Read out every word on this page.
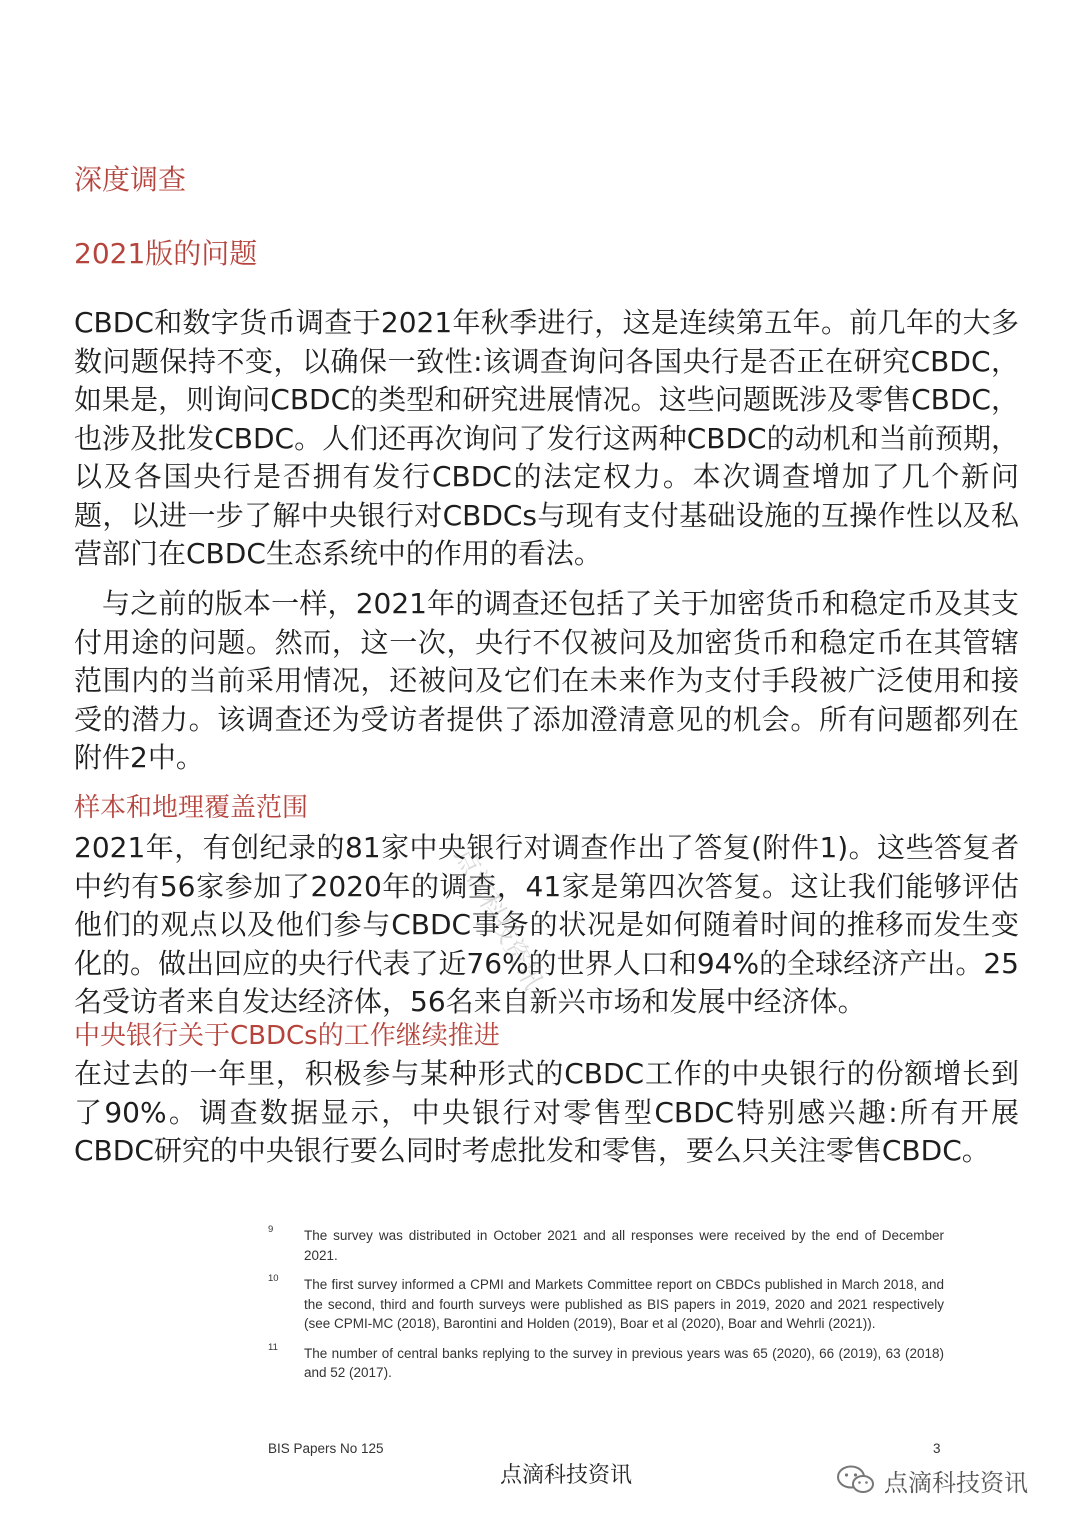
深度调查
2021版的问题

CBDC和数字货币调查于2021年秋季进行，这是连续第五年。前几年的大多数问题保持不变，以确保一致性:该调查询问各国央行是否正在研究CBDC，如果是，则询问CBDC的类型和研究进展情况。这些问题既涉及零售CBDC，也涉及批发CBDC。人们还再次询问了发行这两种CBDC的动机和当前预期，以及各国央行是否拥有发行CBDC的法定权力。本次调查增加了几个新问题，以进一步了解中央银行对CBDCs与现有支付基础设施的互操作性以及私营部门在CBDC生态系统中的作用的看法。

与之前的版本一样，2021年的调查还包括了关于加密货币和稳定币及其支付用途的问题。然而，这一次，央行不仅被问及加密货币和稳定币在其管辖范围内的当前采用情况，还被问及它们在未来作为支付手段被广泛使用和接受的潜力。该调查还为受访者提供了添加澄清意见的机会。所有问题都列在附件2中。

样本和地理覆盖范围

2021年，有创纪录的81家中央银行对调查作出了答复(附件1)。这些答复者中约有56家参加了2020年的调查，41家是第四次答复。这让我们能够评估他们的观点以及他们参与CBDC事务的状况是如何随着时间的推移而发生变化的。做出回应的央行代表了近76%的世界人口和94%的全球经济产出。25名受访者来自发达经济体，56名来自新兴市场和发展中经济体。

中央银行关于CBDCs的工作继续推进

在过去的一年里，积极参与某种形式的CBDC工作的中央银行的份额增长到了90%。调查数据显示，中央银行对零售型CBDC特别感兴趣:所有开展CBDC研究的中央银行要么同时考虑批发和零售，要么只关注零售CBDC。

点滴科技资讯

9 The survey was distributed in October 2021 and all responses were received by the end of December 2021.

10 The first survey informed a CPMI and Markets Committee report on CBDCs published in March 2018, and the second, third and fourth surveys were published as BIS papers in 2019, 2020 and 2021 respectively (see CPMI-MC (2018), Barontini and Holden (2019), Boar et al (2020), Boar and Wehrli (2021)).

11 The number of central banks replying to the survey in previous years was 65 (2020), 66 (2019), 63 (2018) and 52 (2017).

BIS Papers No 125	3
点滴科技资讯	点滴科技资讯
